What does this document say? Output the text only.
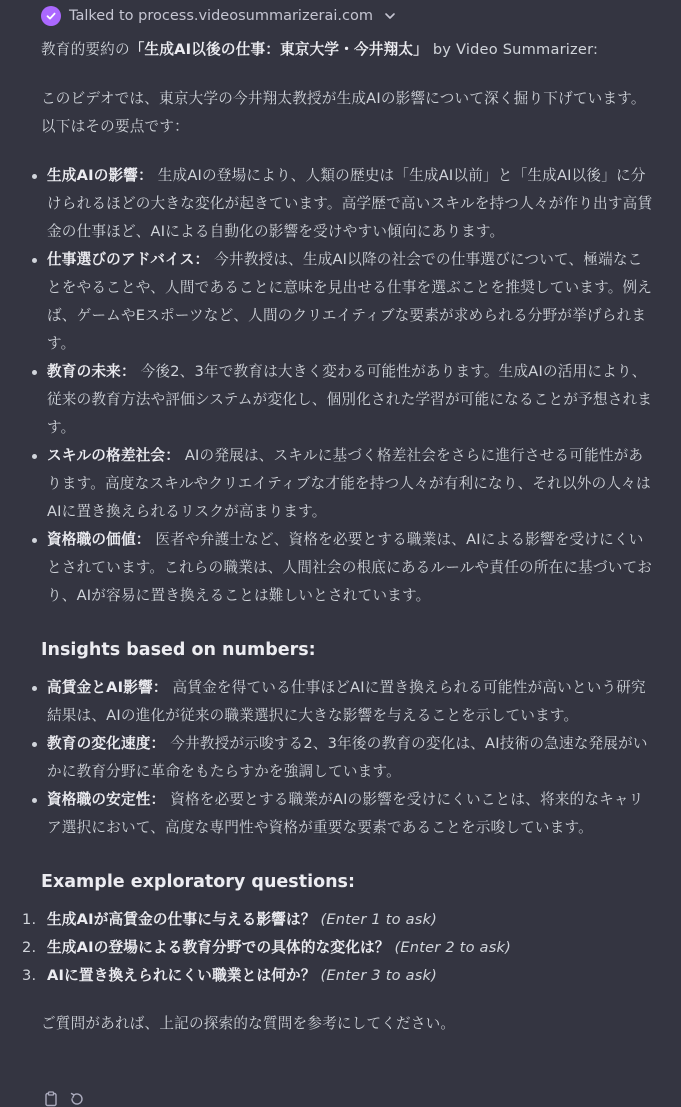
Talked to process.videosummarizerai.com

教育的要約の「生成AI以後の仕事：東京大学・今井翔太」 by Video Summarizer:

このビデオでは、東京大学の今井翔太教授が生成AIの影響について深く掘り下げています。以下はその要点です：

生成AIの影響： 生成AIの登場により、人類の歴史は「生成AI以前」と「生成AI以後」に分けられるほどの大きな変化が起きています。高学歴で高いスキルを持つ人々が作り出す高賃金の仕事ほど、AIによる自動化の影響を受けやすい傾向にあります。
仕事選びのアドバイス： 今井教授は、生成AI以降の社会での仕事選びについて、極端なことをやることや、人間であることに意味を見出せる仕事を選ぶことを推奨しています。例えば、ゲームやEスポーツなど、人間のクリエイティブな要素が求められる分野が挙げられます。
教育の未来： 今後2、3年で教育は大きく変わる可能性があります。生成AIの活用により、従来の教育方法や評価システムが変化し、個別化された学習が可能になることが予想されます。
スキルの格差社会： AIの発展は、スキルに基づく格差社会をさらに進行させる可能性があります。高度なスキルやクリエイティブな才能を持つ人々が有利になり、それ以外の人々はAIに置き換えられるリスクが高まります。
資格職の価値： 医者や弁護士など、資格を必要とする職業は、AIによる影響を受けにくいとされています。これらの職業は、人間社会の根底にあるルールや責任の所在に基づいており、AIが容易に置き換えることは難しいとされています。
Insights based on numbers:
高賃金とAI影響： 高賃金を得ている仕事ほどAIに置き換えられる可能性が高いという研究結果は、AIの進化が従来の職業選択に大きな影響を与えることを示しています。
教育の変化速度： 今井教授が示唆する2、3年後の教育の変化は、AI技術の急速な発展がいかに教育分野に革命をもたらすかを強調しています。
資格職の安定性： 資格を必要とする職業がAIの影響を受けにくいことは、将来的なキャリア選択において、高度な専門性や資格が重要な要素であることを示唆しています。
Example exploratory questions:
1. 生成AIが高賃金の仕事に与える影響は？ (Enter 1 to ask)
2. 生成AIの登場による教育分野での具体的な変化は？ (Enter 2 to ask)
3. AIに置き換えられにくい職業とは何か？ (Enter 3 to ask)

ご質問があれば、上記の探索的な質問を参考にしてください。
